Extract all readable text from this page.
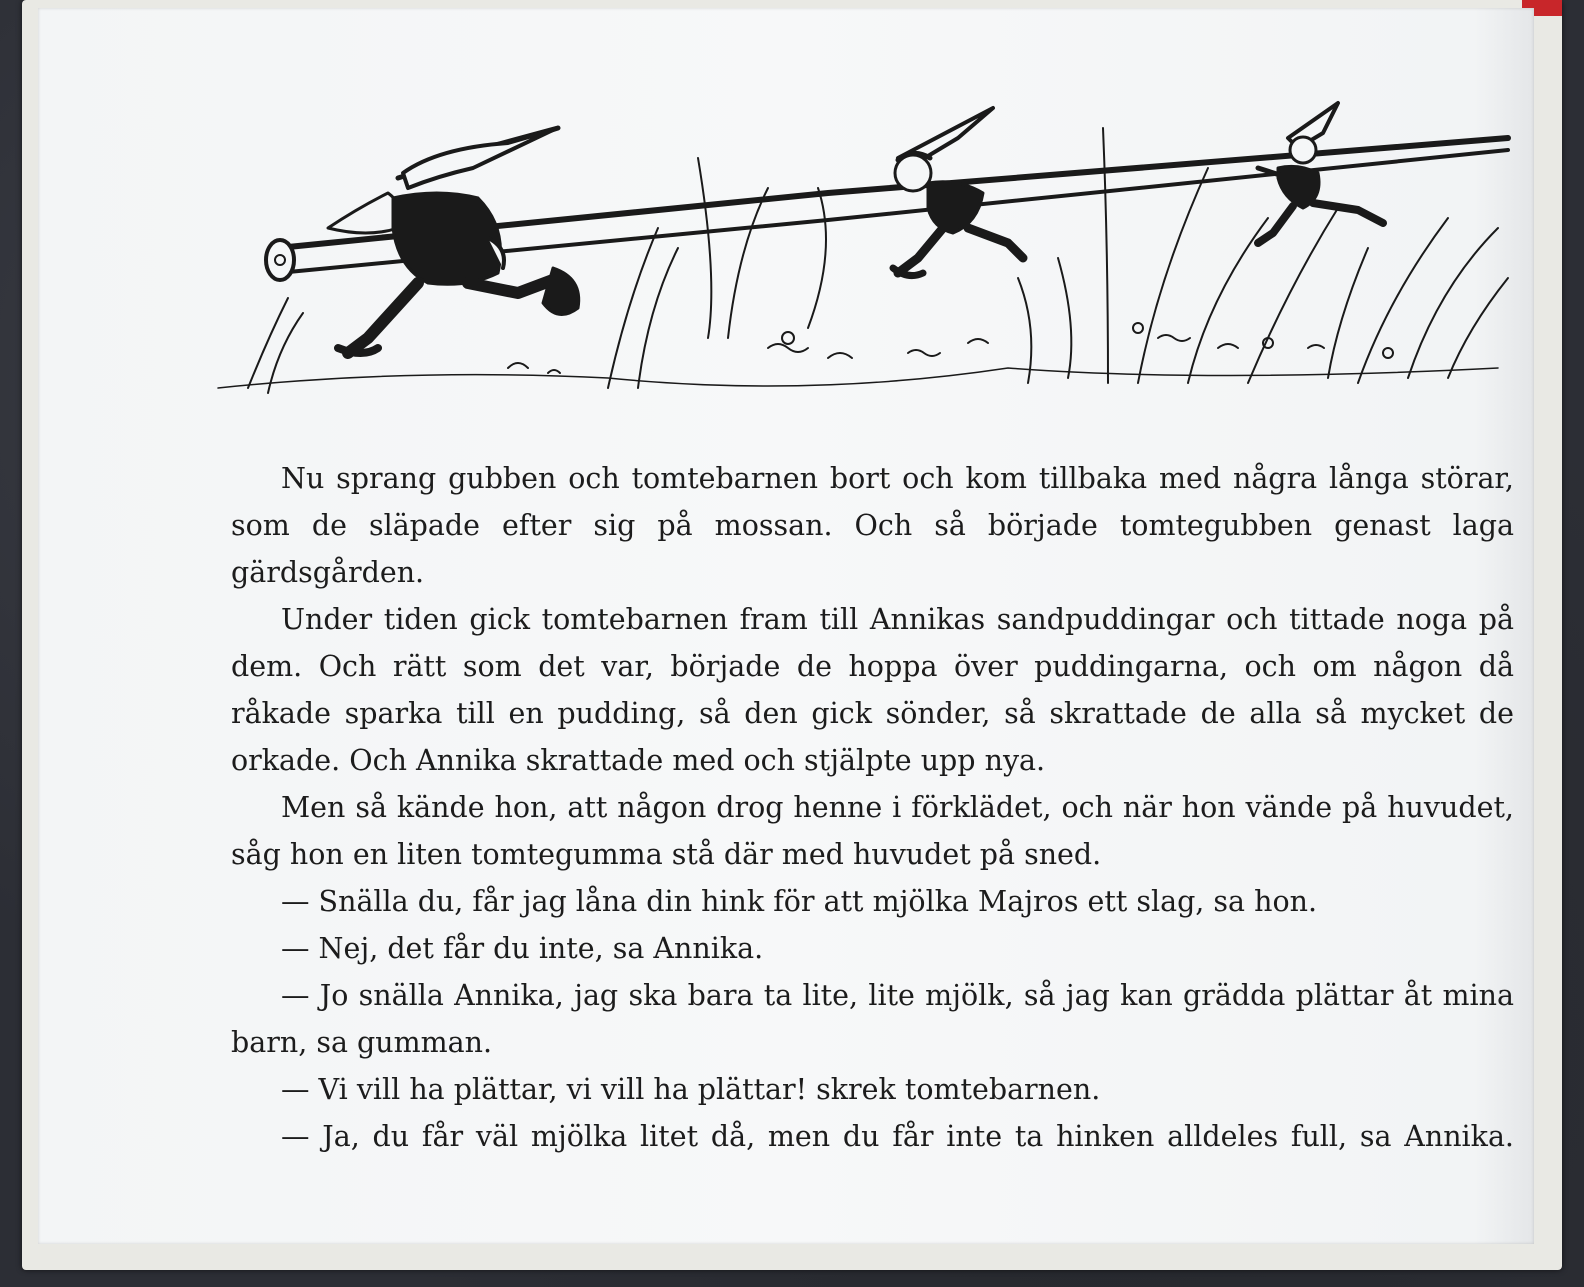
Nu sprang gubben och tomtebarnen bort och kom tillbaka med några långa störar, som de släpade efter sig på mossan. Och så började tomtegubben genast laga gärdsgården.

Under tiden gick tomtebarnen fram till Annikas sandpuddingar och tittade noga på dem. Och rätt som det var, började de hoppa över puddingarna, och om någon då råkade sparka till en pudding, så den gick sönder, så skrattade de alla så mycket de orkade. Och Annika skrattade med och stjälpte upp nya.

Men så kände hon, att någon drog henne i förklädet, och när hon vände på huvudet, såg hon en liten tomtegumma stå där med huvudet på sned.

— Snälla du, får jag låna din hink för att mjölka Majros ett slag, sa hon.

— Nej, det får du inte, sa Annika.

— Jo snälla Annika, jag ska bara ta lite, lite mjölk, så jag kan grädda plättar åt mina barn, sa gumman.

— Vi vill ha plättar, vi vill ha plättar! skrek tomtebarnen.

— Ja, du får väl mjölka litet då, men du får inte ta hinken alldeles full, sa Annika.
